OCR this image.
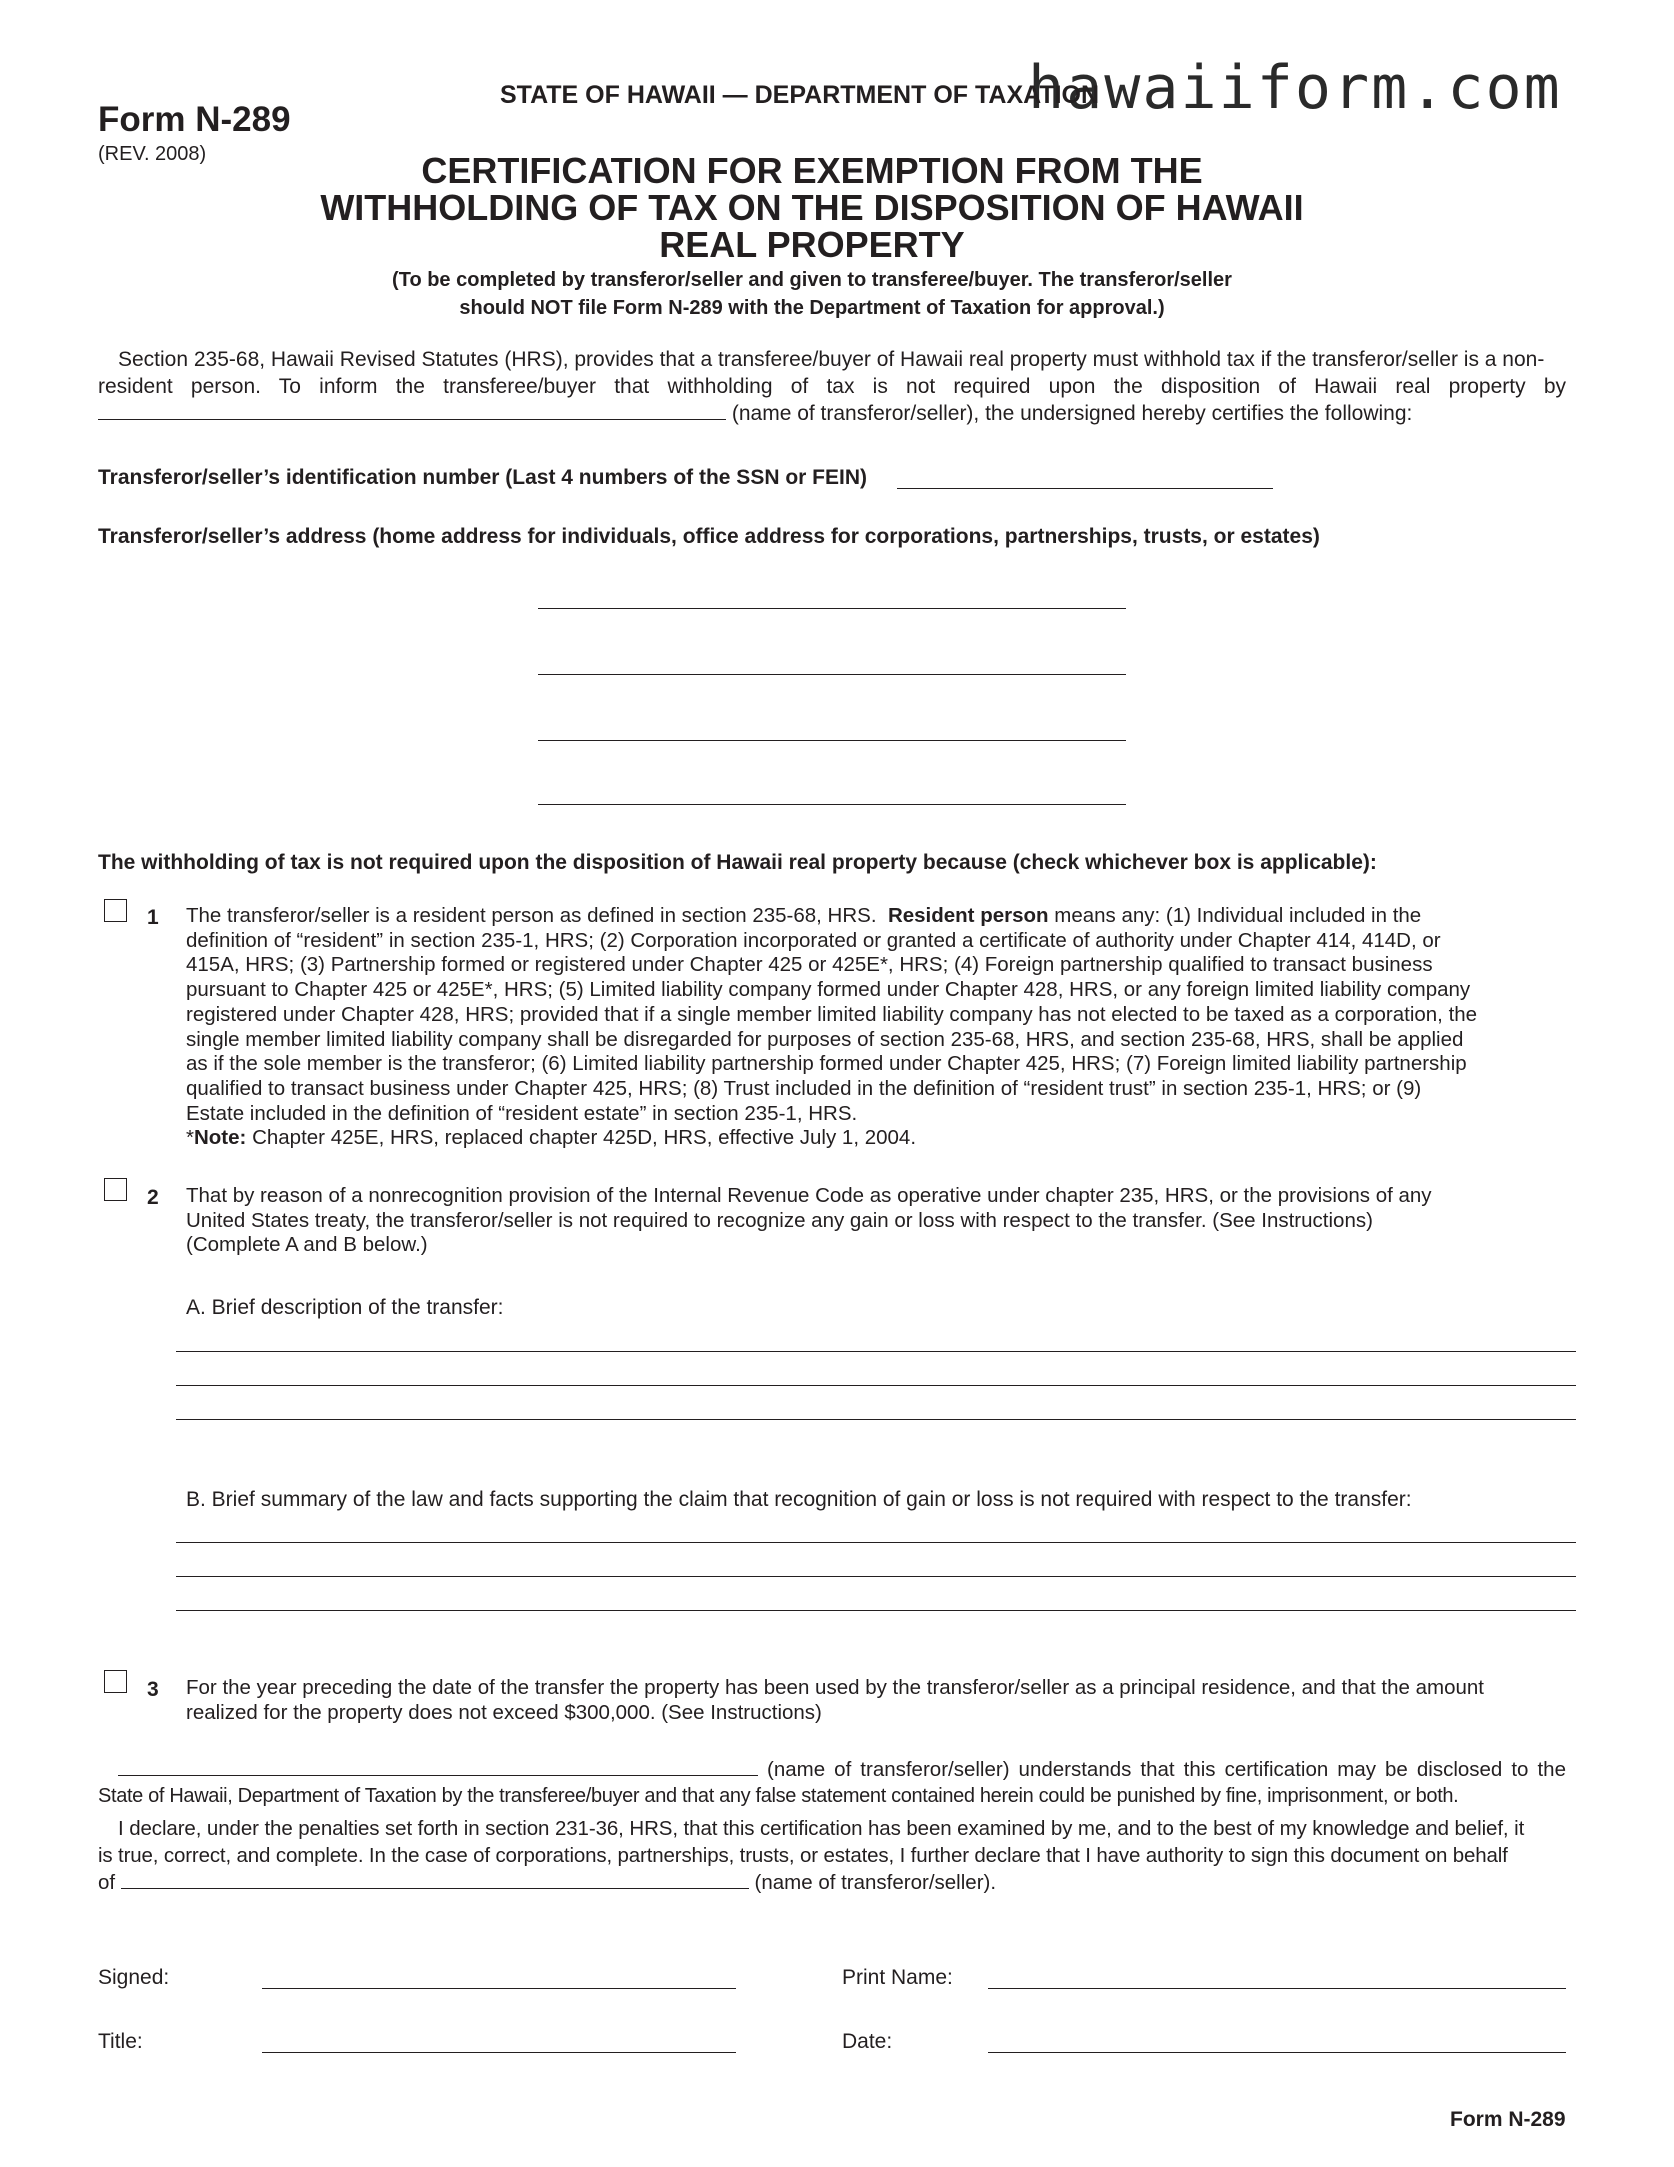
hawaiiform.com
Form N-289
(REV. 2008)
STATE OF HAWAII — DEPARTMENT OF TAXATION
CERTIFICATION FOR EXEMPTION FROM THE
WITHHOLDING OF TAX ON THE DISPOSITION OF HAWAII
REAL PROPERTY
(To be completed by transferor/seller and given to transferee/buyer. The transferor/seller
should NOT file Form N-289 with the Department of Taxation for approval.)
Section 235-68, Hawaii Revised Statutes (HRS), provides that a transferee/buyer of Hawaii real property must withhold tax if the transferor/seller is a non-
resident person. To inform the transferee/buyer that withholding of tax is not required upon the disposition of Hawaii real property by
(name of transferor/seller), the undersigned hereby certifies the following:
Transferor/seller’s identification number (Last 4 numbers of the SSN or FEIN)
Transferor/seller’s address (home address for individuals, office address for corporations, partnerships, trusts, or estates)
The withholding of tax is not required upon the disposition of Hawaii real property because (check whichever box is applicable):
1 The transferor/seller is a resident person as defined in section 235-68, HRS. Resident person means any: (1) Individual included in the
definition of “resident” in section 235-1, HRS; (2) Corporation incorporated or granted a certificate of authority under Chapter 414, 414D, or
415A, HRS; (3) Partnership formed or registered under Chapter 425 or 425E*, HRS; (4) Foreign partnership qualified to transact business
pursuant to Chapter 425 or 425E*, HRS; (5) Limited liability company formed under Chapter 428, HRS, or any foreign limited liability company
registered under Chapter 428, HRS; provided that if a single member limited liability company has not elected to be taxed as a corporation, the
single member limited liability company shall be disregarded for purposes of section 235-68, HRS, and section 235-68, HRS, shall be applied
as if the sole member is the transferor; (6) Limited liability partnership formed under Chapter 425, HRS; (7) Foreign limited liability partnership
qualified to transact business under Chapter 425, HRS; (8) Trust included in the definition of “resident trust” in section 235-1, HRS; or (9)
Estate included in the definition of “resident estate” in section 235-1, HRS.
*Note: Chapter 425E, HRS, replaced chapter 425D, HRS, effective July 1, 2004.
2 That by reason of a nonrecognition provision of the Internal Revenue Code as operative under chapter 235, HRS, or the provisions of any
United States treaty, the transferor/seller is not required to recognize any gain or loss with respect to the transfer. (See Instructions)
(Complete A and B below.)
A. Brief description of the transfer:
B. Brief summary of the law and facts supporting the claim that recognition of gain or loss is not required with respect to the transfer:
3 For the year preceding the date of the transfer the property has been used by the transferor/seller as a principal residence, and that the amount
realized for the property does not exceed $300,000. (See Instructions)
(name of transferor/seller) understands that this certification may be disclosed to the
State of Hawaii, Department of Taxation by the transferee/buyer and that any false statement contained herein could be punished by fine, imprisonment, or both.
I declare, under the penalties set forth in section 231-36, HRS, that this certification has been examined by me, and to the best of my knowledge and belief, it
is true, correct, and complete. In the case of corporations, partnerships, trusts, or estates, I further declare that I have authority to sign this document on behalf
of	(name of transferor/seller).
Signed:	Print Name:
Title:	Date:
Form N-289
